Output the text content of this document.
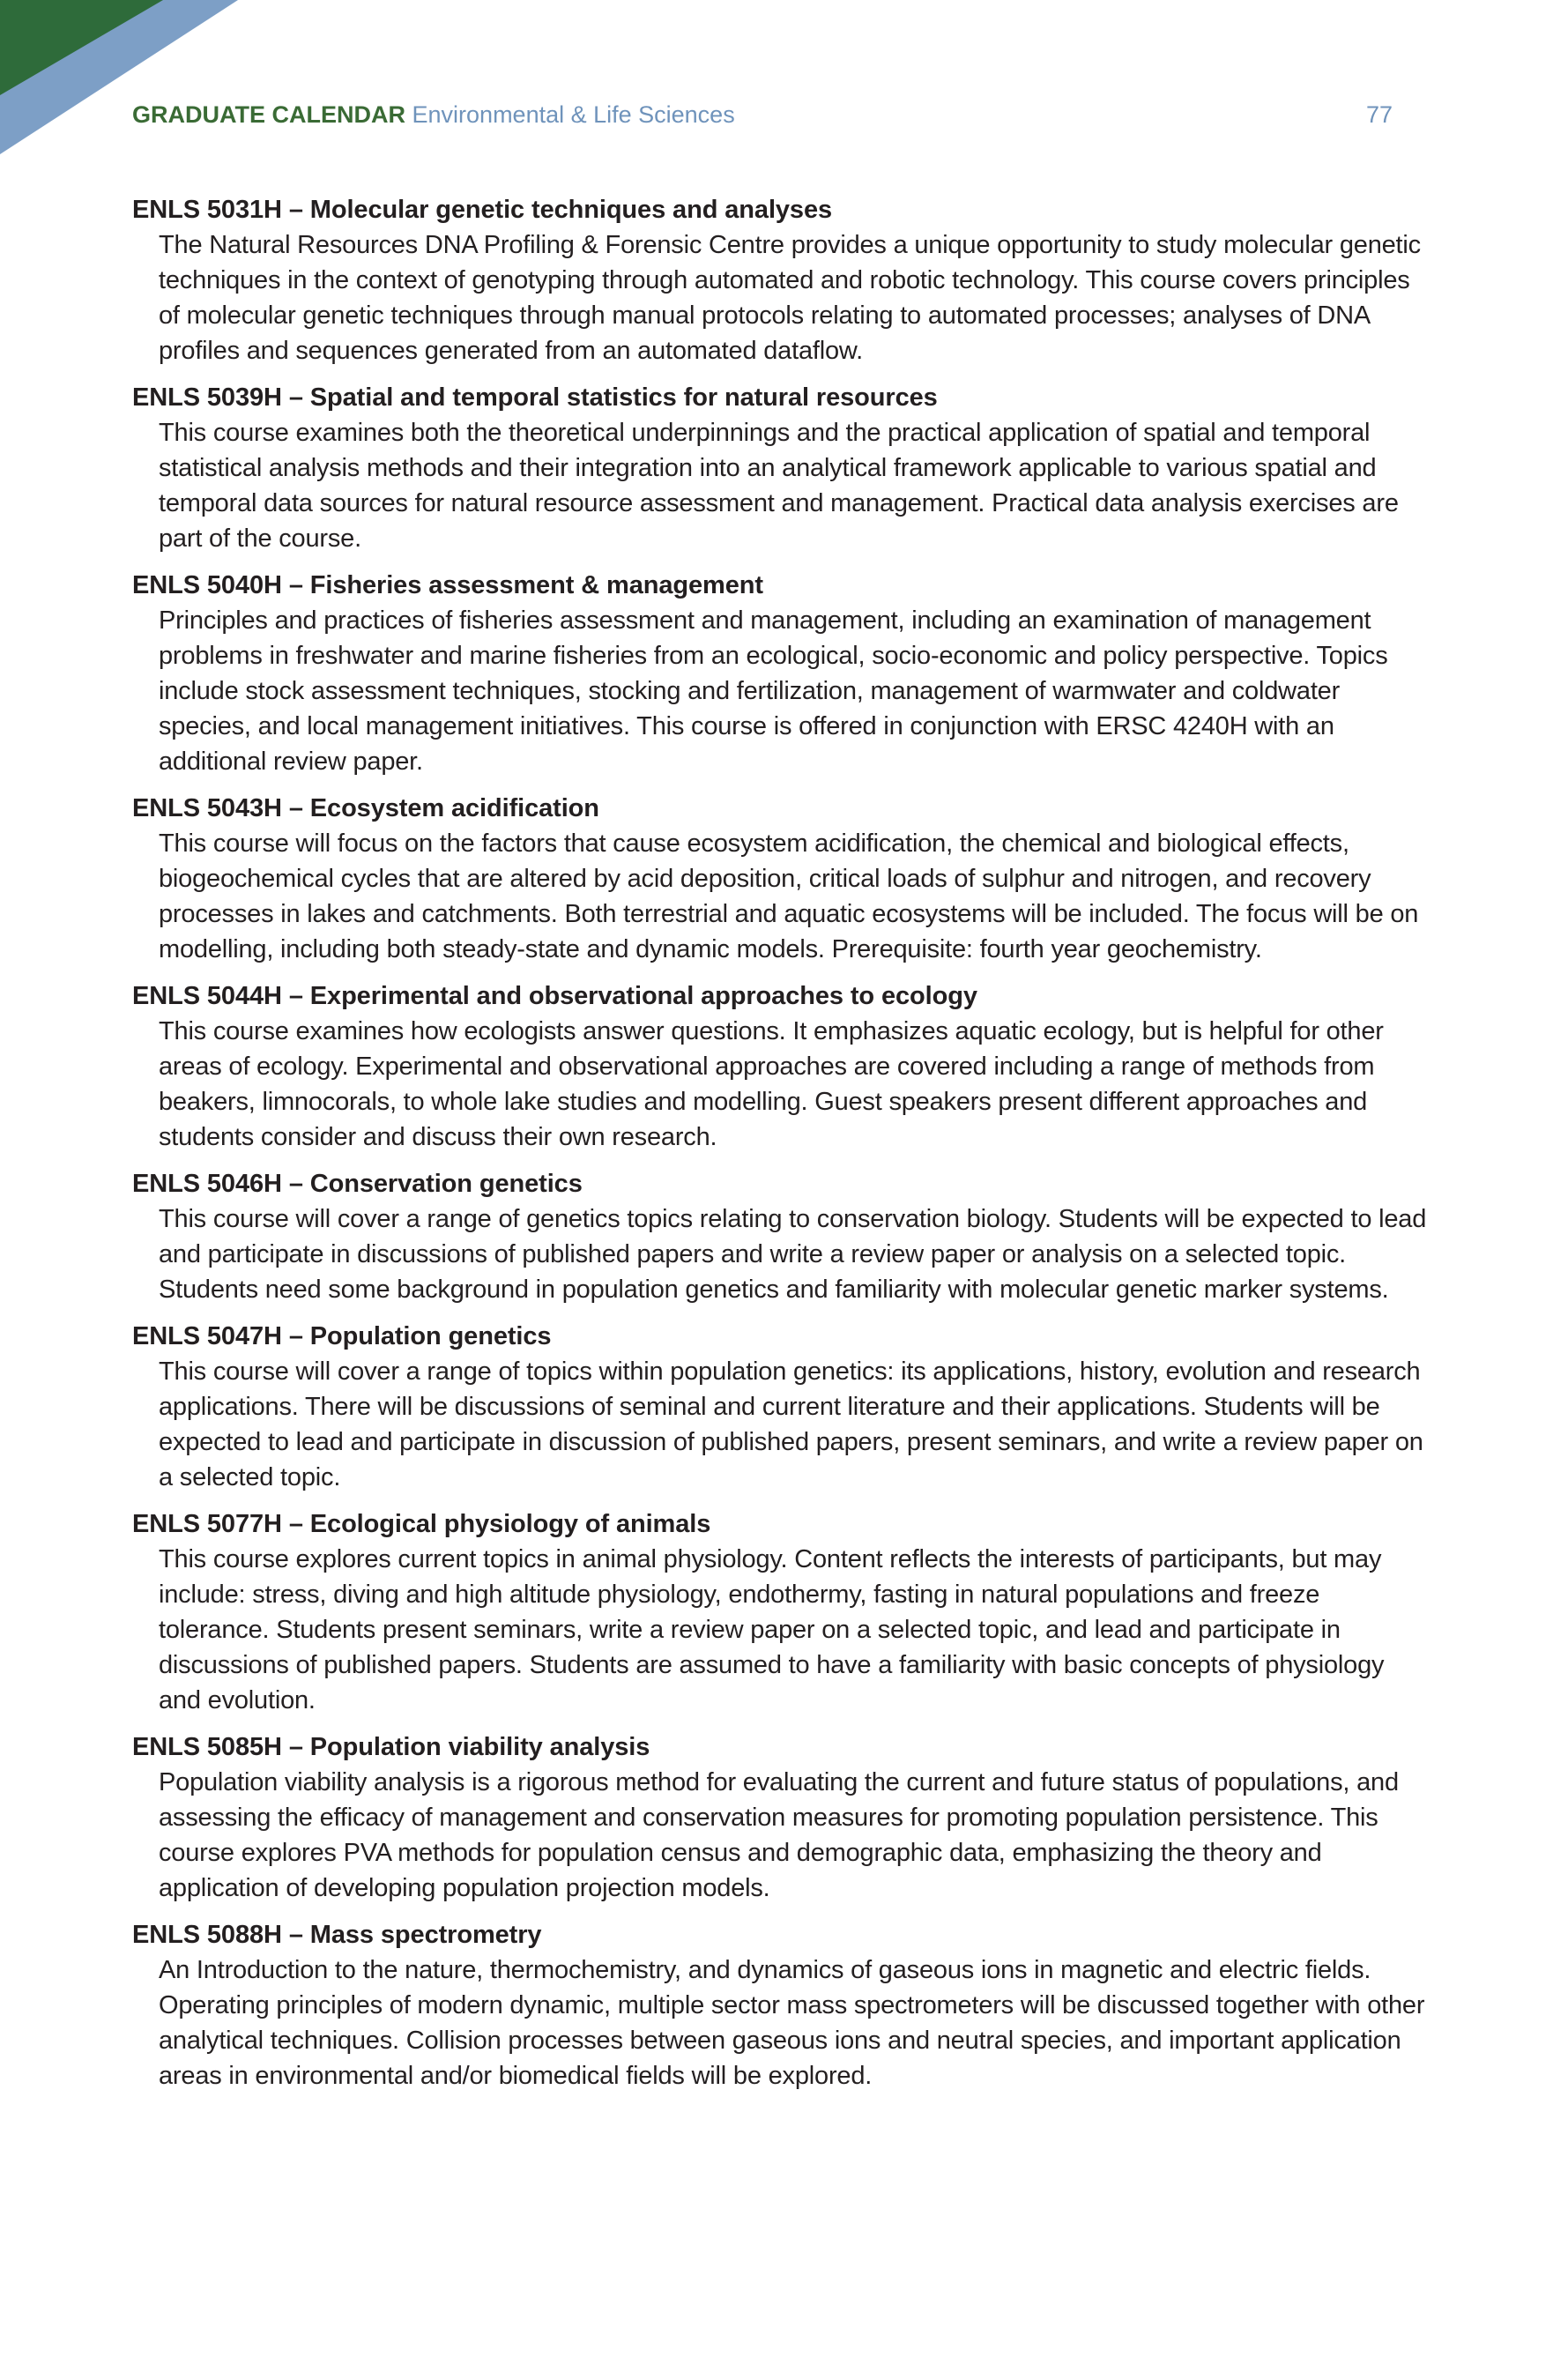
GRADUATE CALENDAR Environmental & Life Sciences	77
ENLS 5031H – Molecular genetic techniques and analyses
The Natural Resources DNA Profiling & Forensic Centre provides a unique opportunity to study molecular genetic techniques in the context of genotyping through automated and robotic technology. This course covers principles of molecular genetic techniques through manual protocols relating to automated processes; analyses of DNA profiles and sequences generated from an automated dataflow.
ENLS 5039H – Spatial and temporal statistics for natural resources
This course examines both the theoretical underpinnings and the practical application of spatial and temporal statistical analysis methods and their integration into an analytical framework applicable to various spatial and temporal data sources for natural resource assessment and management. Practical data analysis exercises are part of the course.
ENLS 5040H – Fisheries assessment & management
Principles and practices of fisheries assessment and management, including an examination of management problems in freshwater and marine fisheries from an ecological, socio-economic and policy perspective. Topics include stock assessment techniques, stocking and fertilization, management of warmwater and coldwater species, and local management initiatives. This course is offered in conjunction with ERSC 4240H with an additional review paper.
ENLS 5043H – Ecosystem acidification
This course will focus on the factors that cause ecosystem acidification, the chemical and biological effects, biogeochemical cycles that are altered by acid deposition, critical loads of sulphur and nitrogen, and recovery processes in lakes and catchments. Both terrestrial and aquatic ecosystems will be included. The focus will be on modelling, including both steady-state and dynamic models. Prerequisite: fourth year geochemistry.
ENLS 5044H – Experimental and observational approaches to ecology
This course examines how ecologists answer questions. It emphasizes aquatic ecology, but is helpful for other areas of ecology. Experimental and observational approaches are covered including a range of methods from beakers, limnocorals, to whole lake studies and modelling. Guest speakers present different approaches and students consider and discuss their own research.
ENLS 5046H – Conservation genetics
This course will cover a range of genetics topics relating to conservation biology. Students will be expected to lead and participate in discussions of published papers and write a review paper or analysis on a selected topic. Students need some background in population genetics and familiarity with molecular genetic marker systems.
ENLS 5047H – Population genetics
This course will cover a range of topics within population genetics: its applications, history, evolution and research applications. There will be discussions of seminal and current literature and their applications. Students will be expected to lead and participate in discussion of published papers, present seminars, and write a review paper on a selected topic.
ENLS 5077H – Ecological physiology of animals
This course explores current topics in animal physiology. Content reflects the interests of participants, but may include: stress, diving and high altitude physiology, endothermy, fasting in natural populations and freeze tolerance. Students present seminars, write a review paper on a selected topic, and lead and participate in discussions of published papers. Students are assumed to have a familiarity with basic concepts of physiology and evolution.
ENLS 5085H – Population viability analysis
Population viability analysis is a rigorous method for evaluating the current and future status of populations, and assessing the efficacy of management and conservation measures for promoting population persistence. This course explores PVA methods for population census and demographic data, emphasizing the theory and application of developing population projection models.
ENLS 5088H – Mass spectrometry
An Introduction to the nature, thermochemistry, and dynamics of gaseous ions in magnetic and electric fields. Operating principles of modern dynamic, multiple sector mass spectrometers will be discussed together with other analytical techniques. Collision processes between gaseous ions and neutral species, and important application areas in environmental and/or biomedical fields will be explored.
